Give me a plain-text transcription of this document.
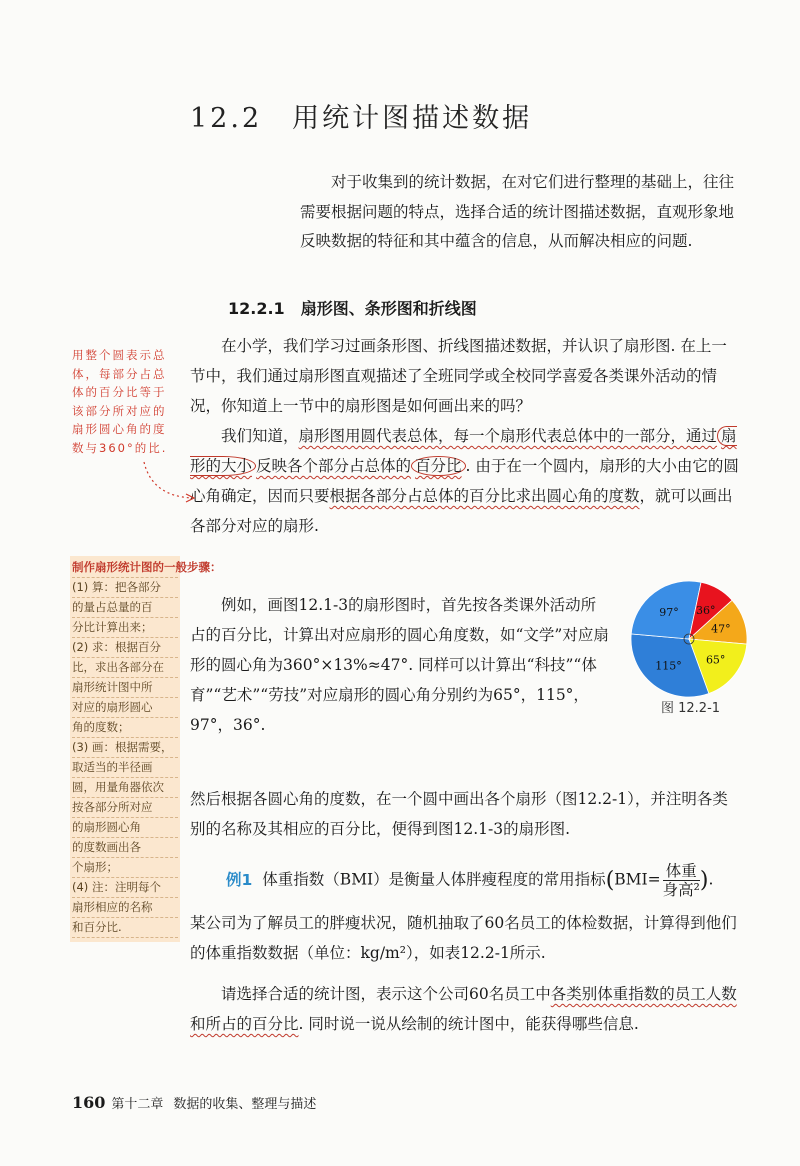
12.2 用统计图描述数据

对于收集到的统计数据，在对它们进行整理的基础上，往往需要根据问题的特点，选择合适的统计图描述数据，直观形象地反映数据的特征和其中蕴含的信息，从而解决相应的问题.

12.2.1 扇形图、条形图和折线图

在小学，我们学习过画条形图、折线图描述数据，并认识了扇形图. 在上一节中，我们通过扇形图直观描述了全班同学或全校同学喜爱各类课外活动的情况，你知道上一节中的扇形图是如何画出来的吗？

我们知道，扇形图用圆代表总体，每一个扇形代表总体中的一部分，通过 扇形的大小 反映各个部分占总体的 百分比 . 由于在一个圆内，扇形的大小由它的圆心角确定，因而只要根据各部分占总体的百分比求出圆心角的度数，就可以画出各部分对应的扇形.

用整个圆表示总体，每部分占总体的百分比等于该部分所对应的扇形圆心角的度数与360°的比.
制作扇形统计图的一般步骤：
(1) 算：把各部分
的量占总量的百
分比计算出来；
(2) 求：根据百分
比，求出各部分在
扇形统计图中所
对应的扇形圆心
角的度数；
(3) 画：根据需要，
取适当的半径画
圆，用量角器依次
按各部分所对应
的扇形圆心角
的度数画出各
个扇形；
(4) 注：注明每个
扇形相应的名称
和百分比.

例如，画图12.1-3的扇形图时，首先按各类课外活动所占的百分比，计算出对应扇形的圆心角度数，如“文学”对应扇形的圆心角为360°×13%≈47°. 同样可以计算出“科技”“体育”“艺术”“劳技”对应扇形的圆心角分别约为65°，115°，97°，36°.

然后根据各圆心角的度数，在一个圆中画出各个扇形（图12.2-1），并注明各类别的名称及其相应的百分比，便得到图12.1-3的扇形图.

47°
65°
115°
97° 36°
图 12.2-1
例1 体重指数（BMI）是衡量人体胖瘦程度的常用指标($BMI= \frac{\text{体重}}{\text{身高²}}$ ).

某公司为了解员工的胖瘦状况，随机抽取了60名员工的体检数据，计算得到他们的体重指数数据（单位：kg/m²），如表12.2-1所示.

请选择合适的统计图，表示这个公司60名员工中各类别体重指数的员工人数和所占的百分比. 同时说一说从绘制的统计图中，能获得哪些信息.

160 第十二章 数据的收集、整理与描述
